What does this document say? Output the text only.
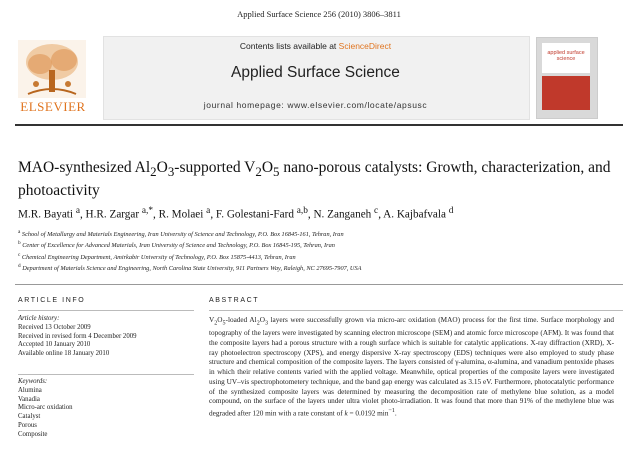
Applied Surface Science 256 (2010) 3806–3811
Contents lists available at ScienceDirect
Applied Surface Science
journal homepage: www.elsevier.com/locate/apsusc
ELSEVIER
applied surface science
MAO-synthesized $Al_2O_3$-supported $V_2O_5$ nano-porous catalysts: Growth, characterization, and photoactivity
M.R. Bayati $^a$, H.R. Zargar $^{a,*}$, R. Molaei $^a$, F. Golestani-Fard $^{a,b}$, N. Zanganeh $^c$, A. Kajbafvala $^d$
$^a$ School of Metallurgy and Materials Engineering, Iran University of Science and Technology, P.O. Box 16845-161, Tehran, Iran
$^b$ Center of Excellence for Advanced Materials, Iran University of Science and Technology, P.O. Box 16845-195, Tehran, Iran
$^c$ Chemical Engineering Department, Amirkabir University of Technology, P.O. Box 15875-4413, Tehran, Iran
$^d$ Department of Materials Science and Engineering, North Carolina State University, 911 Partners Way, Raleigh, NC 27695-7907, USA
ARTICLE INFO	ABSTRACT
Article history:
Received 13 October 2009
Received in revised form 4 December 2009
Accepted 10 January 2010
Available online 18 January 2010
Keywords:
Alumina
Vanadia
Micro-arc oxidation
Catalyst
Porous
Composite
$V_2O_5$-loaded $Al_2O_3$ layers were successfully grown via micro-arc oxidation (MAO) process for the first time. Surface morphology and topography of the layers were investigated by scanning electron microscope (SEM) and atomic force microscope (AFM). It was found that the composite layers had a porous structure with a rough surface which is suitable for catalytic applications. X-ray diffraction (XRD), X-ray photoelectron spectroscopy (XPS), and energy dispersive X-ray spectroscopy (EDS) techniques were also employed to study phase structure and chemical composition of the composite layers. The layers consisted of γ-alumina, α-alumina, and vanadium pentoxide phases in which their relative contents varied with the applied voltage. Meanwhile, optical properties of the composite layers were investigated using UV–vis spectrophotometery technique, and the band gap energy was calculated as 3.15 eV. Furthermore, photocatalytic performance of the synthesized composite layers was determined by measuring the decomposition rate of methylene blue solution, as a model compound, on the surface of the layers under ultra violet photo-irradiation. It was found that more than 91% of the methylene blue was degraded after 120 min with a rate constant of k = 0.0192 $\min^{-1}$.
